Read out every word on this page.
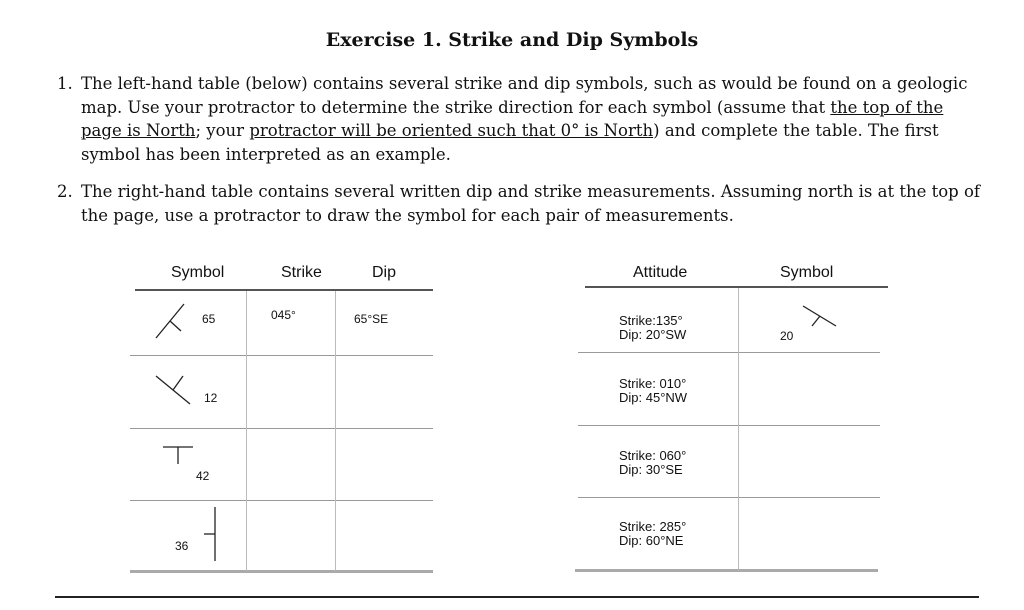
Exercise 1. Strike and Dip Symbols
1. The left-hand table (below) contains several strike and dip symbols, such as would be found on a geologic map. Use your protractor to determine the strike direction for each symbol (assume that the top of the page is North; your protractor will be oriented such that 0° is North) and complete the table. The first symbol has been interpreted as an example.
2. The right-hand table contains several written dip and strike measurements. Assuming north is at the top of the page, use a protractor to draw the symbol for each pair of measurements.
Symbol	Strike	Dip
65	045°	65°SE
12
42
36
Attitude	Symbol
Strike:135°
Dip: 20°SW	20
Strike: 010°
Dip: 45°NW
Strike: 060°
Dip: 30°SE
Strike: 285°
Dip: 60°NE
